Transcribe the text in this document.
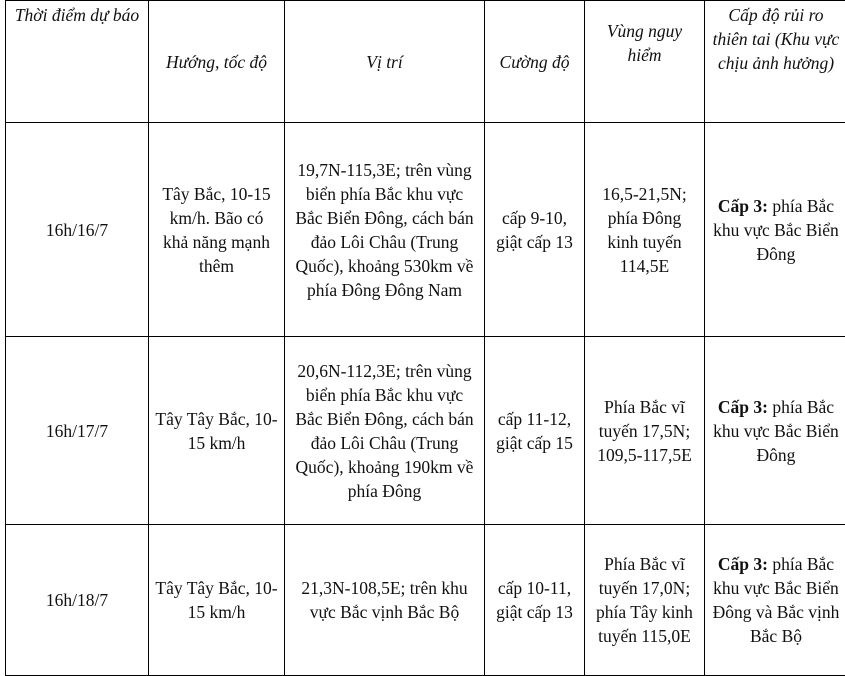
Thời điểm dự báo	Hướng, tốc độ	Vị trí	Cường độ	Vùng nguy hiểm	Cấp độ rủi ro thiên tai (Khu vực chịu ảnh hưởng)
16h/16/7	Tây Bắc, 10-15 km/h. Bão có khả năng mạnh thêm	19,7N-115,3E; trên vùng biển phía Bắc khu vực Bắc Biển Đông, cách bán đảo Lôi Châu (Trung Quốc), khoảng 530km về phía Đông Đông Nam	cấp 9-10, giật cấp 13	16,5-21,5N; phía Đông kinh tuyến 114,5E	Cấp 3: phía Bắc khu vực Bắc Biển Đông
16h/17/7	Tây Tây Bắc, 10-15 km/h	20,6N-112,3E; trên vùng biển phía Bắc khu vực Bắc Biển Đông, cách bán đảo Lôi Châu (Trung Quốc), khoảng 190km về phía Đông	cấp 11-12, giật cấp 15	Phía Bắc vĩ tuyến 17,5N; 109,5-117,5E	Cấp 3: phía Bắc khu vực Bắc Biển Đông
16h/18/7	Tây Tây Bắc, 10-15 km/h	21,3N-108,5E; trên khu vực Bắc vịnh Bắc Bộ	cấp 10-11, giật cấp 13	Phía Bắc vĩ tuyến 17,0N; phía Tây kinh tuyến 115,0E	Cấp 3: phía Bắc khu vực Bắc Biển Đông và Bắc vịnh Bắc Bộ
